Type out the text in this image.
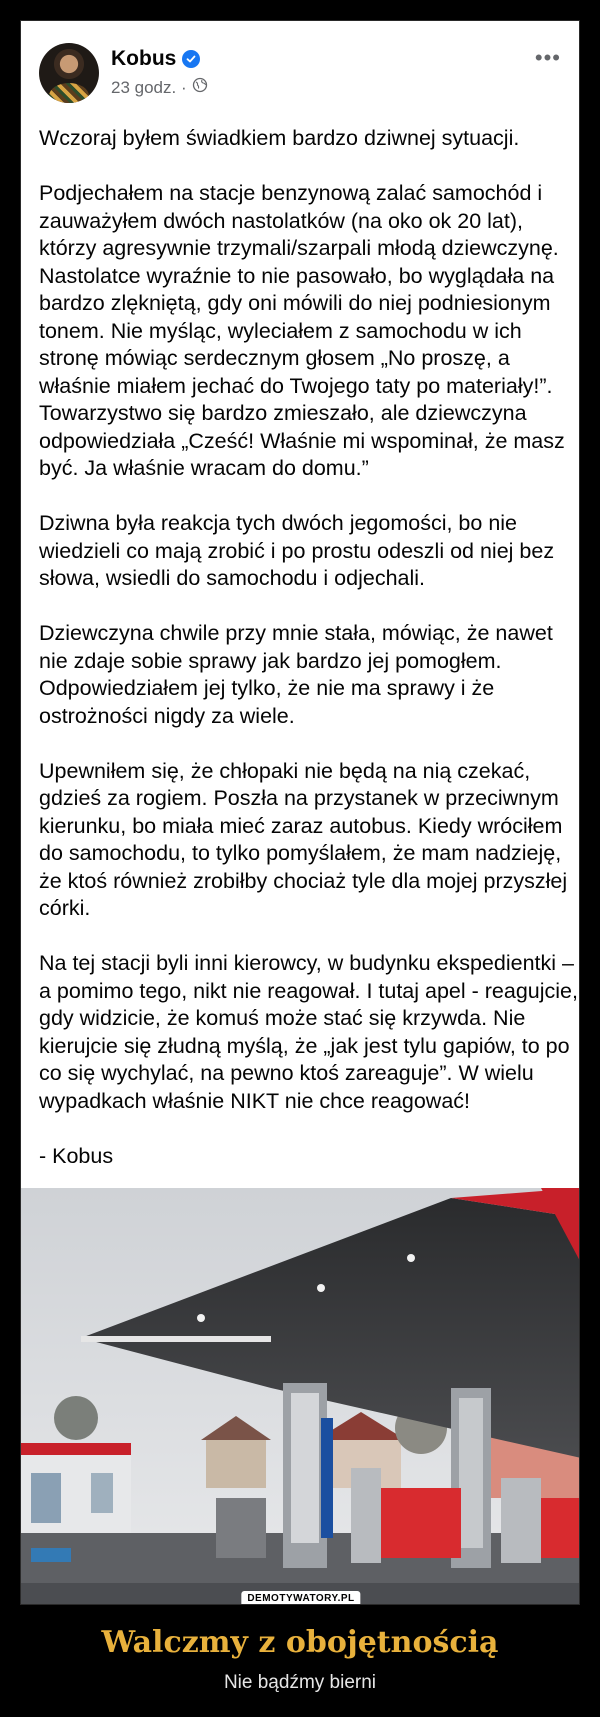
Kobus
23 godz. ·
•••

Wczoraj byłem świadkiem bardzo dziwnej sytuacji.

Podjechałem na stacje benzynową zalać samochód i zauważyłem dwóch nastolatków (na oko ok 20 lat), którzy agresywnie trzymali/szarpali młodą dziewczynę. Nastolatce wyraźnie to nie pasowało, bo wyglądała na bardzo zlękniętą, gdy oni mówili do niej podniesionym tonem. Nie myśląc, wyleciałem z samochodu w ich stronę mówiąc serdecznym głosem „No proszę, a właśnie miałem jechać do Twojego taty po materiały!”. Towarzystwo się bardzo zmieszało, ale dziewczyna odpowiedziała „Cześć! Właśnie mi wspominał, że masz być. Ja właśnie wracam do domu.”

Dziwna była reakcja tych dwóch jegomości, bo nie wiedzieli co mają zrobić i po prostu odeszli od niej bez słowa, wsiedli do samochodu i odjechali.

Dziewczyna chwile przy mnie stała, mówiąc, że nawet nie zdaje sobie sprawy jak bardzo jej pomogłem. Odpowiedziałem jej tylko, że nie ma sprawy i że ostrożności nigdy za wiele.

Upewniłem się, że chłopaki nie będą na nią czekać, gdzieś za rogiem. Poszła na przystanek w przeciwnym kierunku, bo miała mieć zaraz autobus. Kiedy wróciłem do samochodu, to tylko pomyślałem, że mam nadzieję, że ktoś również zrobiłby chociaż tyle dla mojej przyszłej córki.

Na tej stacji byli inni kierowcy, w budynku ekspedientki – a pomimo tego, nikt nie reagował. I tutaj apel - reagujcie, gdy widzicie, że komuś może stać się krzywda. Nie kierujcie się złudną myślą, że „jak jest tylu gapiów, to po co się wychylać, na pewno ktoś zareaguje”. W wielu wypadkach właśnie NIKT nie chce reagować!

- Kobus

DEMOTYWATORY.PL
Walczmy z obojętnością
Nie bądźmy bierni
